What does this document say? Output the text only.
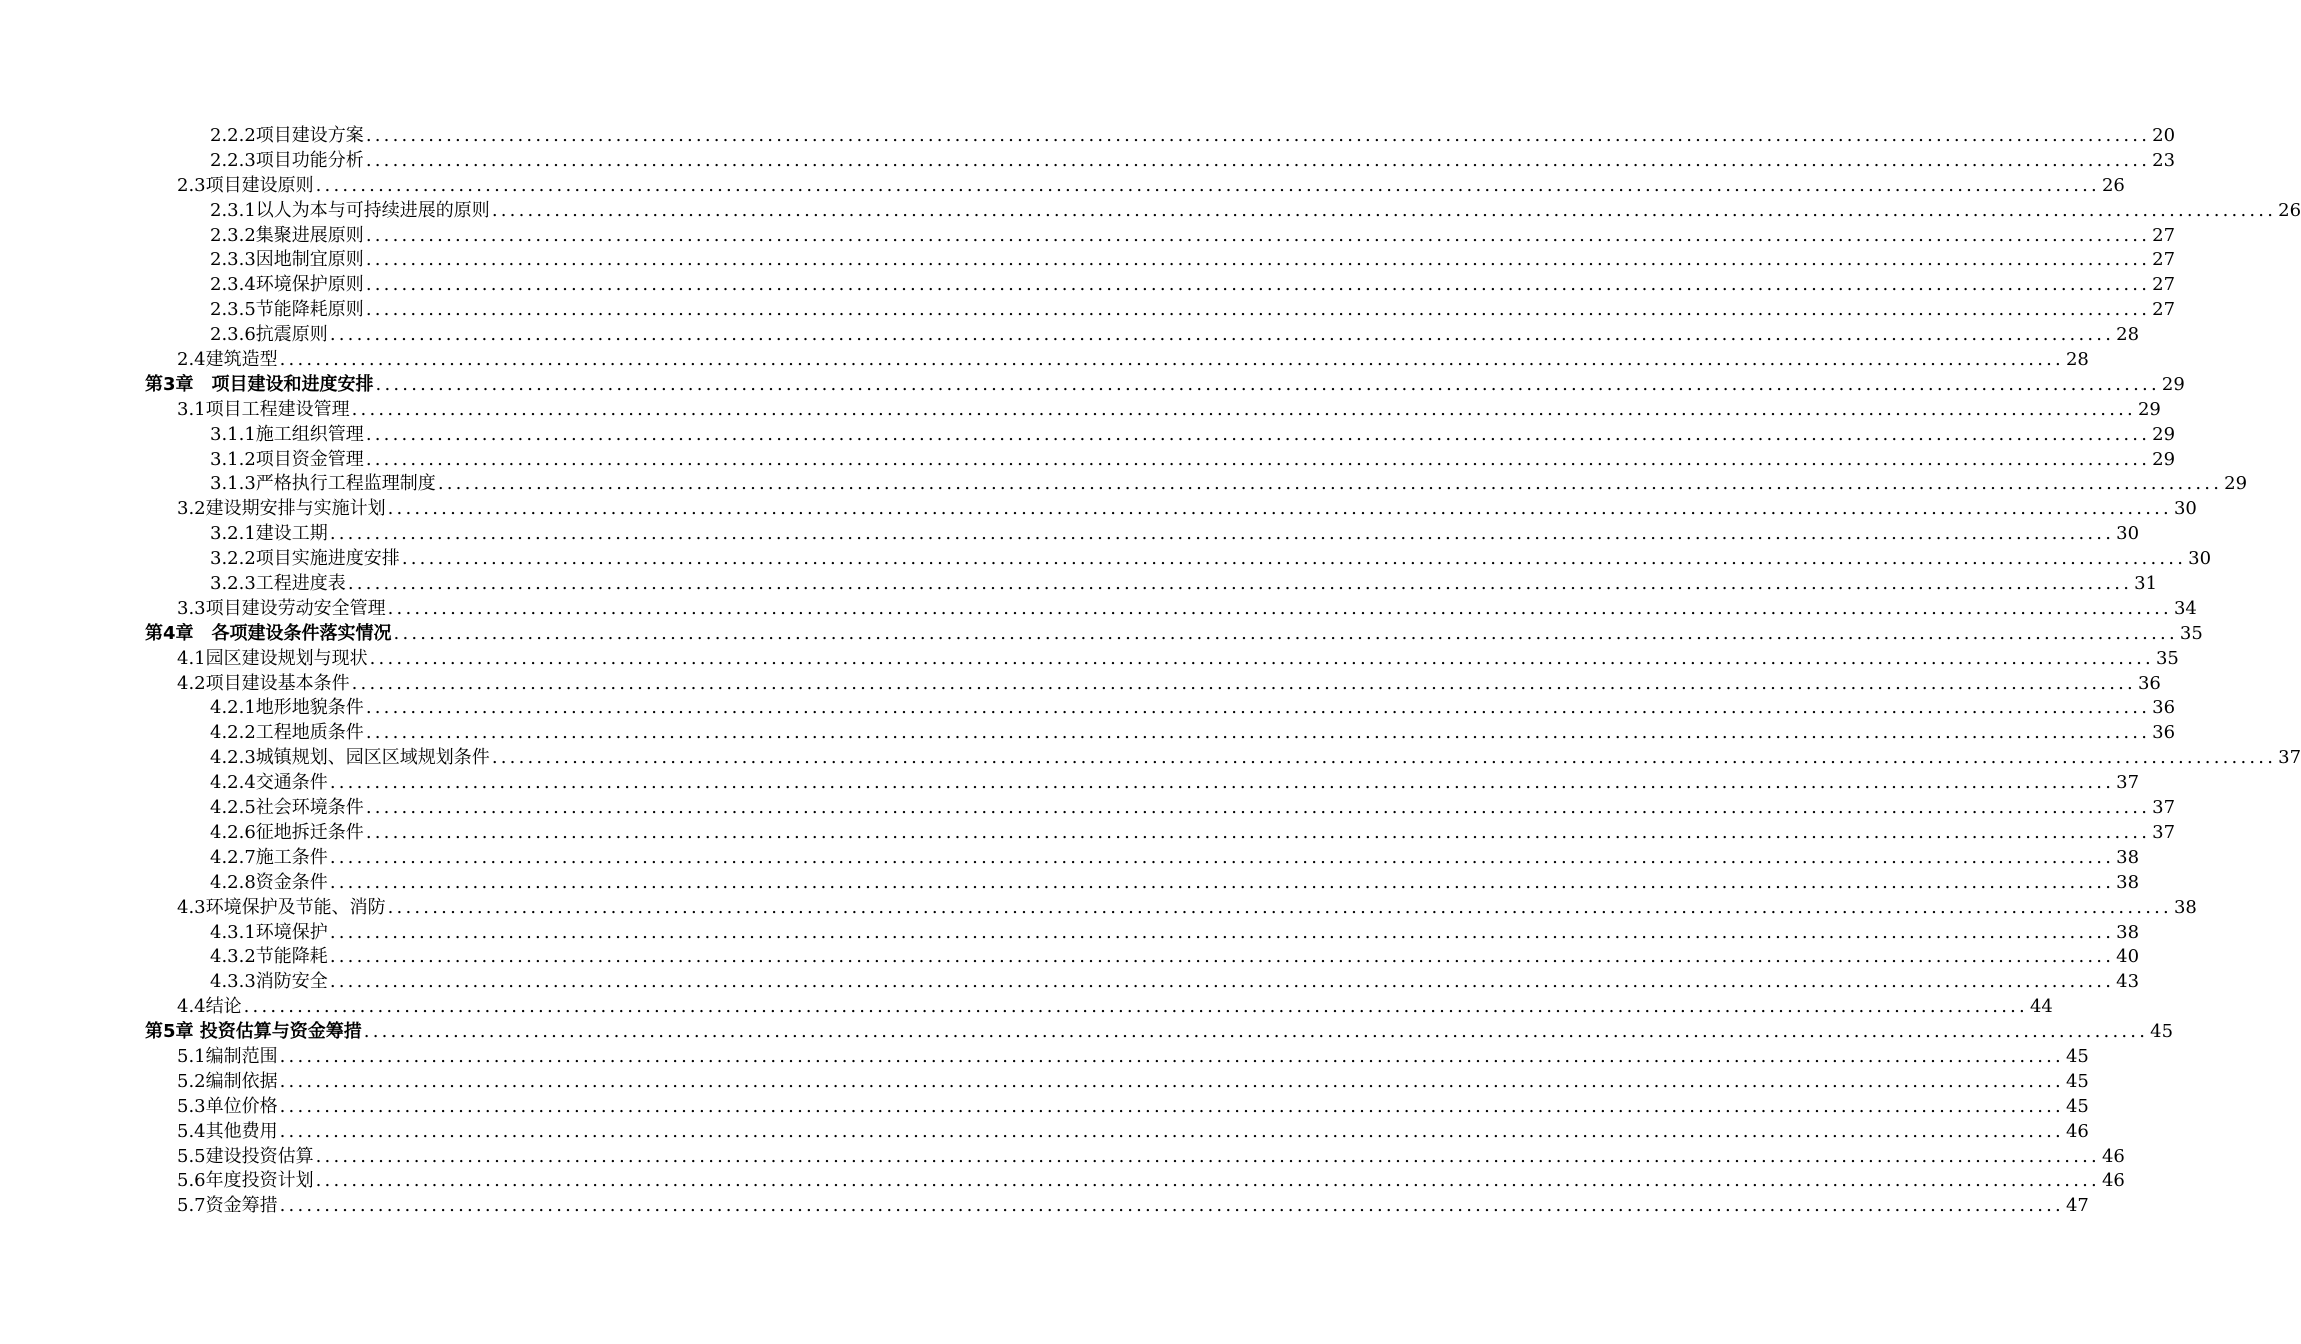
2.2.2项目建设方案 ........................................................................................................................................................................................................ 20
2.2.3项目功能分析 ........................................................................................................................................................................................................ 23
2.3项目建设原则 ........................................................................................................................................................................................................ 26
2.3.1以人为本与可持续进展的原则 ........................................................................................................................................................................................................ 26
2.3.2集聚进展原则 ........................................................................................................................................................................................................ 27
2.3.3因地制宜原则 ........................................................................................................................................................................................................ 27
2.3.4环境保护原则 ........................................................................................................................................................................................................ 27
2.3.5节能降耗原则 ........................................................................................................................................................................................................ 27
2.3.6抗震原则 ........................................................................................................................................................................................................ 28
2.4建筑造型 ........................................................................................................................................................................................................ 28
第3章　项目建设和进度安排 ........................................................................................................................................................................................................ 29
3.1项目工程建设管理 ........................................................................................................................................................................................................ 29
3.1.1施工组织管理 ........................................................................................................................................................................................................ 29
3.1.2项目资金管理 ........................................................................................................................................................................................................ 29
3.1.3严格执行工程监理制度 ........................................................................................................................................................................................................ 29
3.2建设期安排与实施计划 ........................................................................................................................................................................................................ 30
3.2.1建设工期 ........................................................................................................................................................................................................ 30
3.2.2项目实施进度安排 ........................................................................................................................................................................................................ 30
3.2.3工程进度表 ........................................................................................................................................................................................................ 31
3.3项目建设劳动安全管理 ........................................................................................................................................................................................................ 34
第4章　各项建设条件落实情况 ........................................................................................................................................................................................................ 35
4.1园区建设规划与现状 ........................................................................................................................................................................................................ 35
4.2项目建设基本条件 ........................................................................................................................................................................................................ 36
4.2.1地形地貌条件 ........................................................................................................................................................................................................ 36
4.2.2工程地质条件 ........................................................................................................................................................................................................ 36
4.2.3城镇规划、园区区域规划条件 ........................................................................................................................................................................................................ 37
4.2.4交通条件 ........................................................................................................................................................................................................ 37
4.2.5社会环境条件 ........................................................................................................................................................................................................ 37
4.2.6征地拆迁条件 ........................................................................................................................................................................................................ 37
4.2.7施工条件 ........................................................................................................................................................................................................ 38
4.2.8资金条件 ........................................................................................................................................................................................................ 38
4.3环境保护及节能、消防 ........................................................................................................................................................................................................ 38
4.3.1环境保护 ........................................................................................................................................................................................................ 38
4.3.2节能降耗 ........................................................................................................................................................................................................ 40
4.3.3消防安全 ........................................................................................................................................................................................................ 43
4.4结论 ........................................................................................................................................................................................................ 44
第5章 投资估算与资金筹措 ........................................................................................................................................................................................................ 45
5.1编制范围 ........................................................................................................................................................................................................ 45
5.2编制依据 ........................................................................................................................................................................................................ 45
5.3单位价格 ........................................................................................................................................................................................................ 45
5.4其他费用 ........................................................................................................................................................................................................ 46
5.5建设投资估算 ........................................................................................................................................................................................................ 46
5.6年度投资计划 ........................................................................................................................................................................................................ 46
5.7资金筹措 ........................................................................................................................................................................................................ 47
